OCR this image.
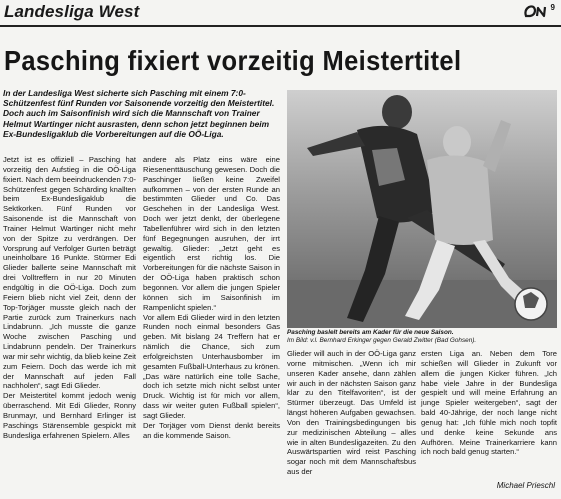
Landesliga West	9
Pasching fixiert vorzeitig Meistertitel

In der Landesliga West sicherte sich Pasching mit einem 7:0-Schützenfest fünf Runden vor Saisonende vorzeitig den Meistertitel. Doch auch im Saisonfinish wird sich die Mannschaft von Trainer Helmut Wartinger nicht ausrasten, denn schon jetzt beginnen beim Ex-Bundesligaklub die Vorbereitungen auf die OÖ-Liga.

Jetzt ist es offiziell – Pasching hat vorzeitig den Aufstieg in die OÖ-Liga fixiert. Nach dem beeindruckenden 7:0-Schützenfest gegen Schärding knallten beim Ex-Bundesligaklub die Sektkorken. Fünf Runden vor Saisonende ist die Mannschaft von Trainer Helmut Wartinger nicht mehr von der Spitze zu verdrängen. Der Vorsprung auf Verfolger Gurten beträgt uneinholbare 16 Punkte. Stürmer Edi Glieder ballerte seine Mannschaft mit drei Volltreffern in nur 20 Minuten endgültig in die OÖ-Liga. Doch zum Feiern blieb nicht viel Zeit, denn der Top-Torjäger musste gleich nach der Partie zurück zum Trainerkurs nach Lindabrunn. „Ich musste die ganze Woche zwischen Pasching und Lindabrunn pendeln. Der Trainerkurs war mir sehr wichtig, da blieb keine Zeit zum Feiern. Doch das werde ich mit der Mannschaft auf jeden Fall nachholen“, sagt Edi Glieder.

Der Meistertitel kommt jedoch wenig überraschend. Mit Edi Glieder, Ronny Brunmayr, und Bernhard Erlinger ist Paschings Stärensemble gespickt mit Bundesliga erfahrenen Spielern. Alles

andere als Platz eins wäre eine Riesenenttäuschung gewesen. Doch die Paschinger ließen keine Zweifel aufkommen – von der ersten Runde an bestimmten Glieder und Co. Das Geschehen in der Landesliga West. Doch wer jetzt denkt, der überlegene Tabellenführer wird sich in den letzten fünf Begegnungen ausruhen, der irrt gewaltig. Glieder: „Jetzt geht es eigentlich erst richtig los. Die Vorbereitungen für die nächste Saison in der OÖ-Liga haben praktisch schon begonnen. Vor allem die jungen Spieler können sich im Saisonfinish im Rampenlicht spielen.“

Vor allem Edi Glieder wird in den letzten Runden noch einmal besonders Gas geben. Mit bislang 24 Treffern hat er nämlich die Chance, sich zum erfolgreichsten Unterhausbomber im gesamten Fußball-Unterhaus zu krönen. „Das wäre natürlich eine tolle Sache, doch ich setzte mich nicht selbst unter Druck. Wichtig ist für mich vor allem, dass wir weiter guten Fußball spielen“, sagt Glieder.

Der Torjäger vom Dienst denkt bereits an die kommende Saison.

Pasching baslelt bereits am Kader für die neue Saison.
Im Bild: v.l. Bernhard Erkinger gegen Gerald Zwitter (Bad Gohsen).

Glieder will auch in der OÖ-Liga ganz vorne mitmischen. „Wenn ich mir unseren Kader ansehe, dann zählen wir auch in der nächsten Saison ganz klar zu den Titelfavoriten“, ist der Stürmer überzeugt. Das Umfeld ist längst höheren Aufgaben gewachsen. Von den Trainingsbedingungen bis zur medizinischen Abteilung – alles wie in alten Bundesligazeiten. Zu den Auswärtspartien wird reist Pasching sogar noch mit dem Mannschaftsbus aus der

ersten Liga an. Neben dem Tore schießen will Glieder in Zukunft vor allem die jungen Kicker führen. „Ich habe viele Jahre in der Bundesliga gespielt und will meine Erfahrung an junge Spieler weitergeben“, sagt der bald 40-Jährige, der noch lange nicht genug hat: „Ich fühle mich noch topfit und denke keine Sekunde ans Aufhören. Meine Trainerkarriere kann ich noch bald genug starten.“

Michael Prieschl
